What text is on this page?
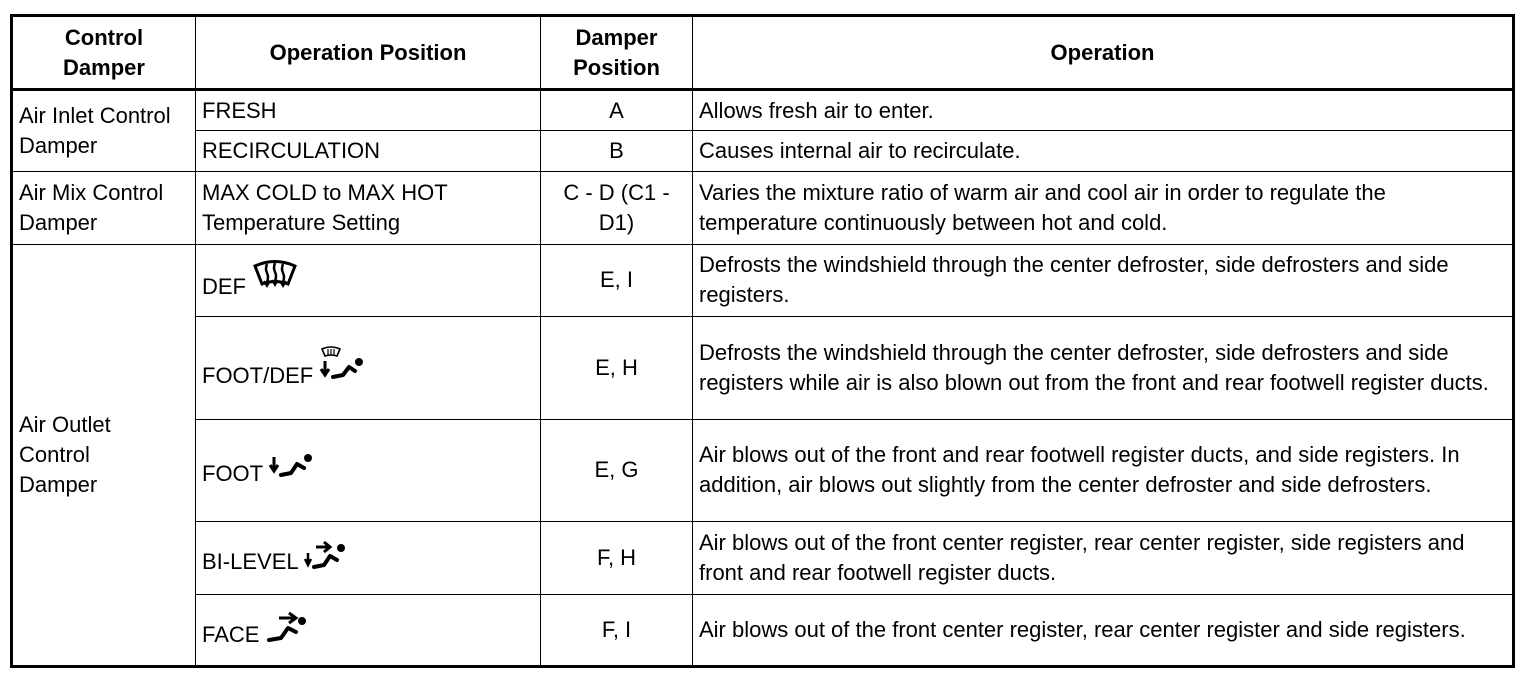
Control Damper	Operation Position	Damper Position	Operation
Air Inlet Control Damper	FRESH	A	Allows fresh air to enter.
	RECIRCULATION	B	Causes internal air to recirculate.
Air Mix Control Damper	MAX COLD to MAX HOT Temperature Setting	C - D (C1 - D1)	Varies the mixture ratio of warm air and cool air in order to regulate the temperature continuously between hot and cold.
Air Outlet Control Damper	DEF	E, I	Defrosts the windshield through the center defroster, side defrosters and side registers.

	FOOT/DEF	E, H	Defrosts the windshield through the center defroster, side defrosters and side registers while air is also blown out from the front and rear footwell register ducts.

	FOOT	E, G	Air blows out of the front and rear footwell register ducts, and side registers. In addition, air blows out slightly from the center defroster and side defrosters.

	BI-LEVEL	F, H	Air blows out of the front center register, rear center register, side registers and front and rear footwell register ducts.

	FACE	F, I	Air blows out of the front center register, rear center register and side registers.
